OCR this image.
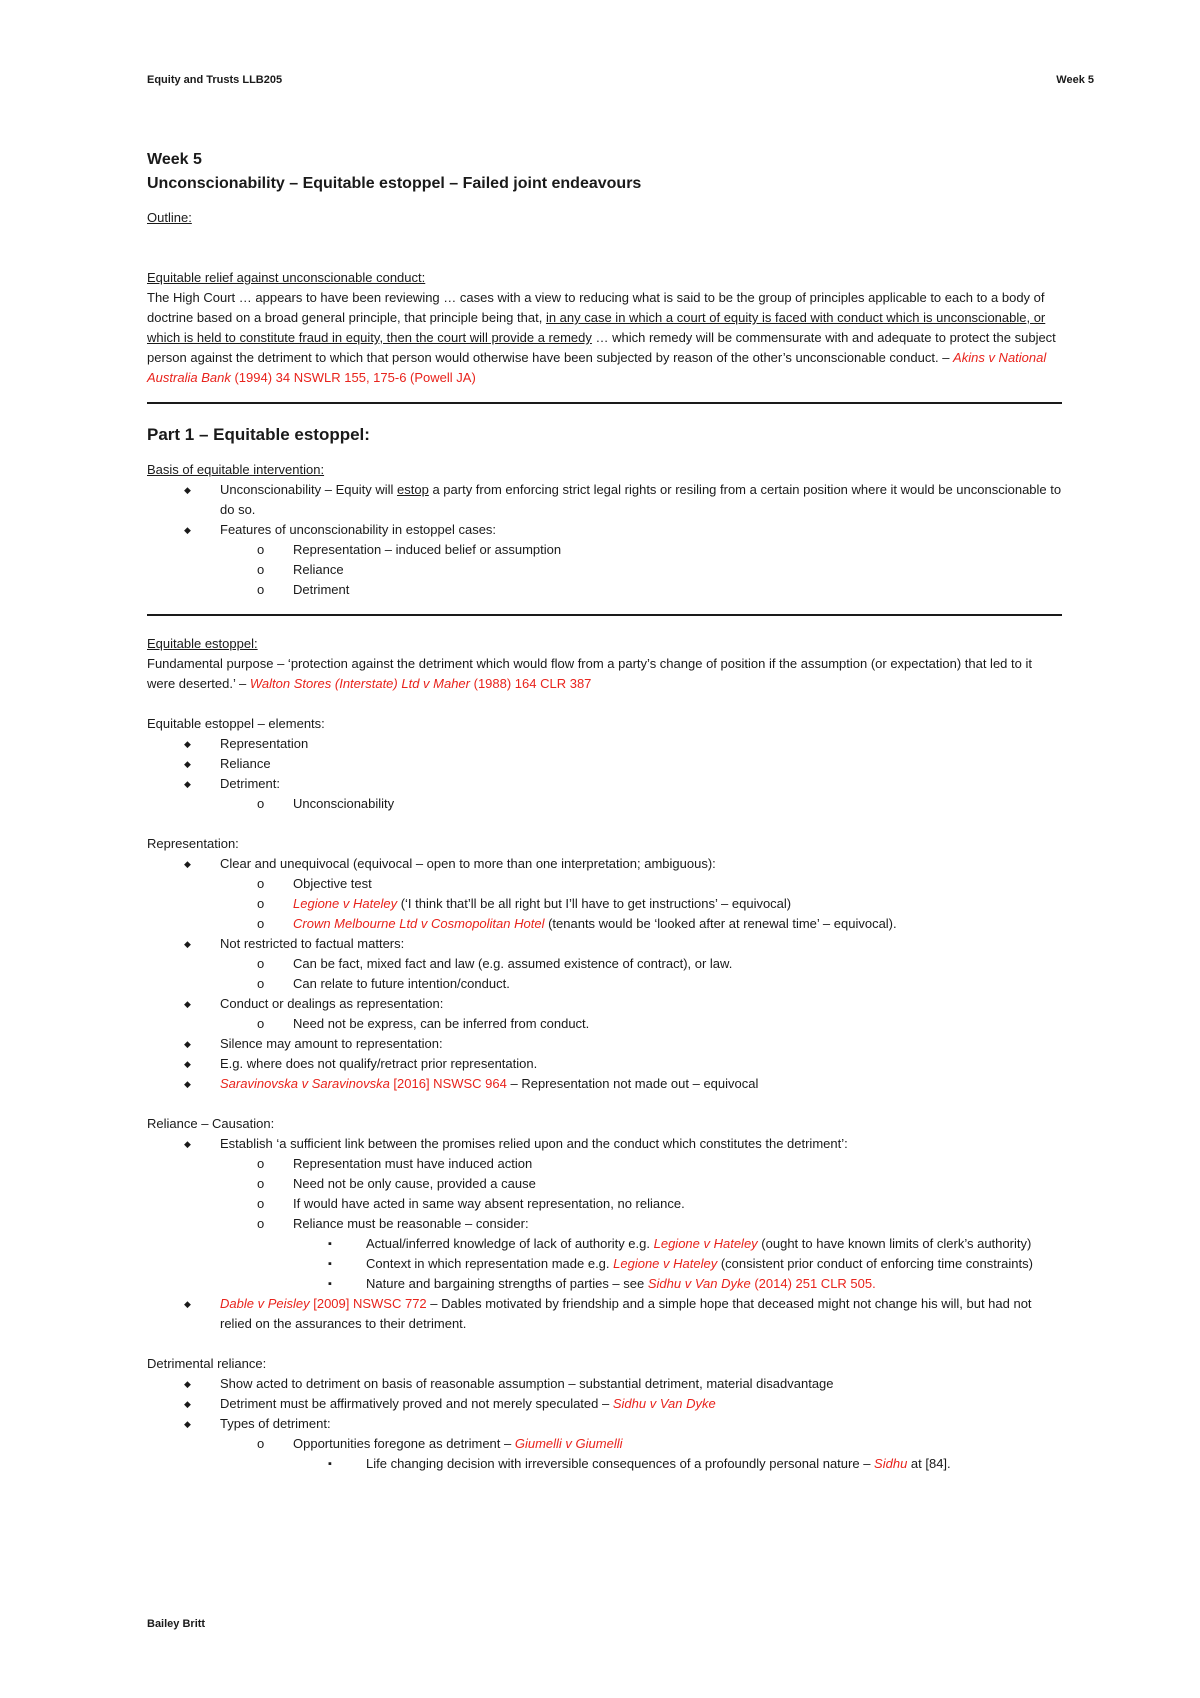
Equity and Trusts LLB205	Week 5
Week 5
Unconscionability – Equitable estoppel – Failed joint endeavours
Outline:
Equitable relief against unconscionable conduct:

The High Court … appears to have been reviewing … cases with a view to reducing what is said to be the group of principles applicable to each to a body of doctrine based on a broad general principle, that principle being that, in any case in which a court of equity is faced with conduct which is unconscionable, or which is held to constitute fraud in equity, then the court will provide a remedy … which remedy will be commensurate with and adequate to protect the subject person against the detriment to which that person would otherwise have been subjected by reason of the other’s unconscionable conduct. – Akins v National Australia Bank (1994) 34 NSWLR 155, 175-6 (Powell JA)

Part 1 – Equitable estoppel:
Basis of equitable intervention:
◆ Unconscionability – Equity will estop a party from enforcing strict legal rights or resiling from a certain position where it would be unconscionable to do so.
◆ Features of unconscionability in estoppel cases:
o Representation – induced belief or assumption
o Reliance
o Detriment
Equitable estoppel:

Fundamental purpose – ‘protection against the detriment which would flow from a party’s change of position if the assumption (or expectation) that led to it were deserted.’ – Walton Stores (Interstate) Ltd v Maher (1988) 164 CLR 387

Equitable estoppel – elements:
◆ Representation
◆ Reliance
◆ Detriment:
o Unconscionability
Representation:
◆ Clear and unequivocal (equivocal – open to more than one interpretation; ambiguous):
o Objective test
o Legione v Hateley (‘I think that’ll be all right but I’ll have to get instructions’ – equivocal)
o Crown Melbourne Ltd v Cosmopolitan Hotel (tenants would be ‘looked after at renewal time’ – equivocal).
◆ Not restricted to factual matters:
o Can be fact, mixed fact and law (e.g. assumed existence of contract), or law.
o Can relate to future intention/conduct.
◆ Conduct or dealings as representation:
o Need not be express, can be inferred from conduct.
◆ Silence may amount to representation:
◆ E.g. where does not qualify/retract prior representation.
◆ Saravinovska v Saravinovska [2016] NSWSC 964 – Representation not made out – equivocal
Reliance – Causation:
◆ Establish ‘a sufficient link between the promises relied upon and the conduct which constitutes the detriment’:
o Representation must have induced action
o Need not be only cause, provided a cause
o If would have acted in same way absent representation, no reliance.
o Reliance must be reasonable – consider:
▪ Actual/inferred knowledge of lack of authority e.g. Legione v Hateley (ought to have known limits of clerk’s authority)
▪ Context in which representation made e.g. Legione v Hateley (consistent prior conduct of enforcing time constraints)
▪ Nature and bargaining strengths of parties – see Sidhu v Van Dyke (2014) 251 CLR 505.
◆ Dable v Peisley [2009] NSWSC 772 – Dables motivated by friendship and a simple hope that deceased might not change his will, but had not relied on the assurances to their detriment.
Detrimental reliance:
◆ Show acted to detriment on basis of reasonable assumption – substantial detriment, material disadvantage
◆ Detriment must be affirmatively proved and not merely speculated – Sidhu v Van Dyke
◆ Types of detriment:
o Opportunities foregone as detriment – Giumelli v Giumelli
▪ Life changing decision with irreversible consequences of a profoundly personal nature – Sidhu at [84].
Bailey Britt
